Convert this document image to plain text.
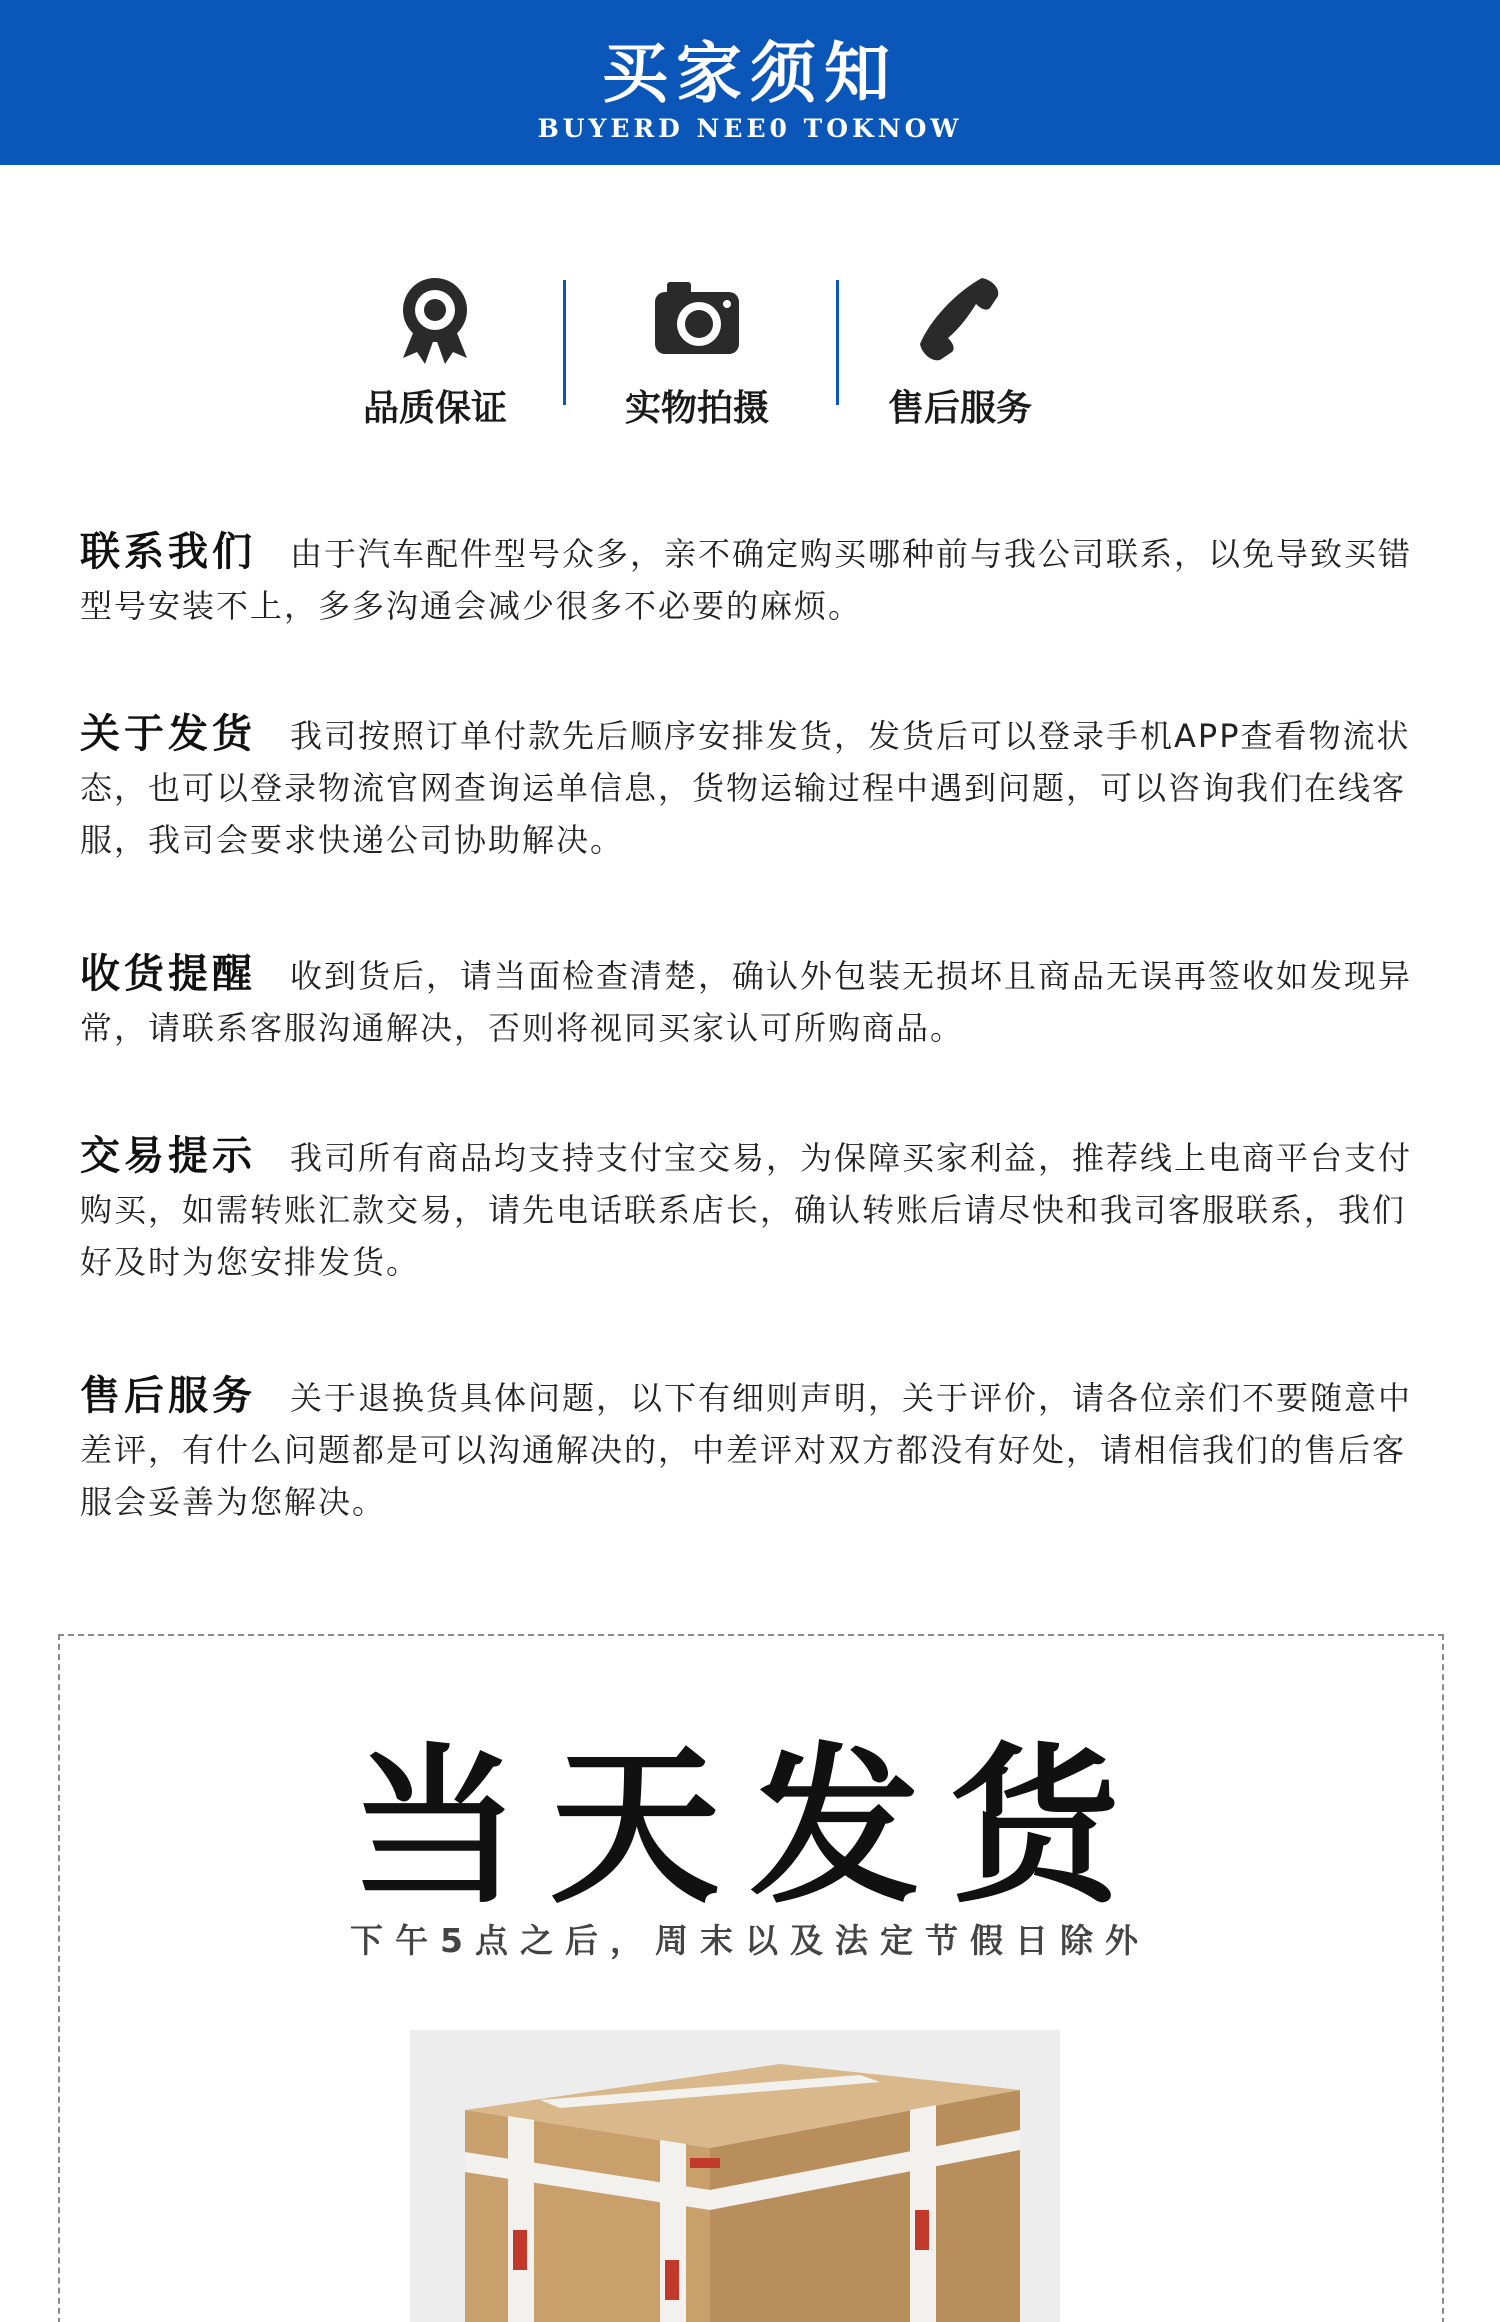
买家须知
BUYERD NEE0 TOKNOW
品质保证	实物拍摄	售后服务
联系我们 由于汽车配件型号众多，亲不确定购买哪种前与我公司联系，以免导致买错型号安装不上，多多沟通会减少很多不必要的麻烦。
关于发货 我司按照订单付款先后顺序安排发货，发货后可以登录手机APP查看物流状态，也可以登录物流官网查询运单信息，货物运输过程中遇到问题，可以咨询我们在线客服，我司会要求快递公司协助解决。
收货提醒 收到货后，请当面检查清楚，确认外包装无损坏且商品无误再签收如发现异常，请联系客服沟通解决，否则将视同买家认可所购商品。
交易提示 我司所有商品均支持支付宝交易，为保障买家利益，推荐线上电商平台支付购买，如需转账汇款交易，请先电话联系店长，确认转账后请尽快和我司客服联系，我们好及时为您安排发货。
售后服务 关于退换货具体问题，以下有细则声明，关于评价，请各位亲们不要随意中差评，有什么问题都是可以沟通解决的，中差评对双方都没有好处，请相信我们的售后客服会妥善为您解决。
当天发货
下午5点之后，周末以及法定节假日除外
